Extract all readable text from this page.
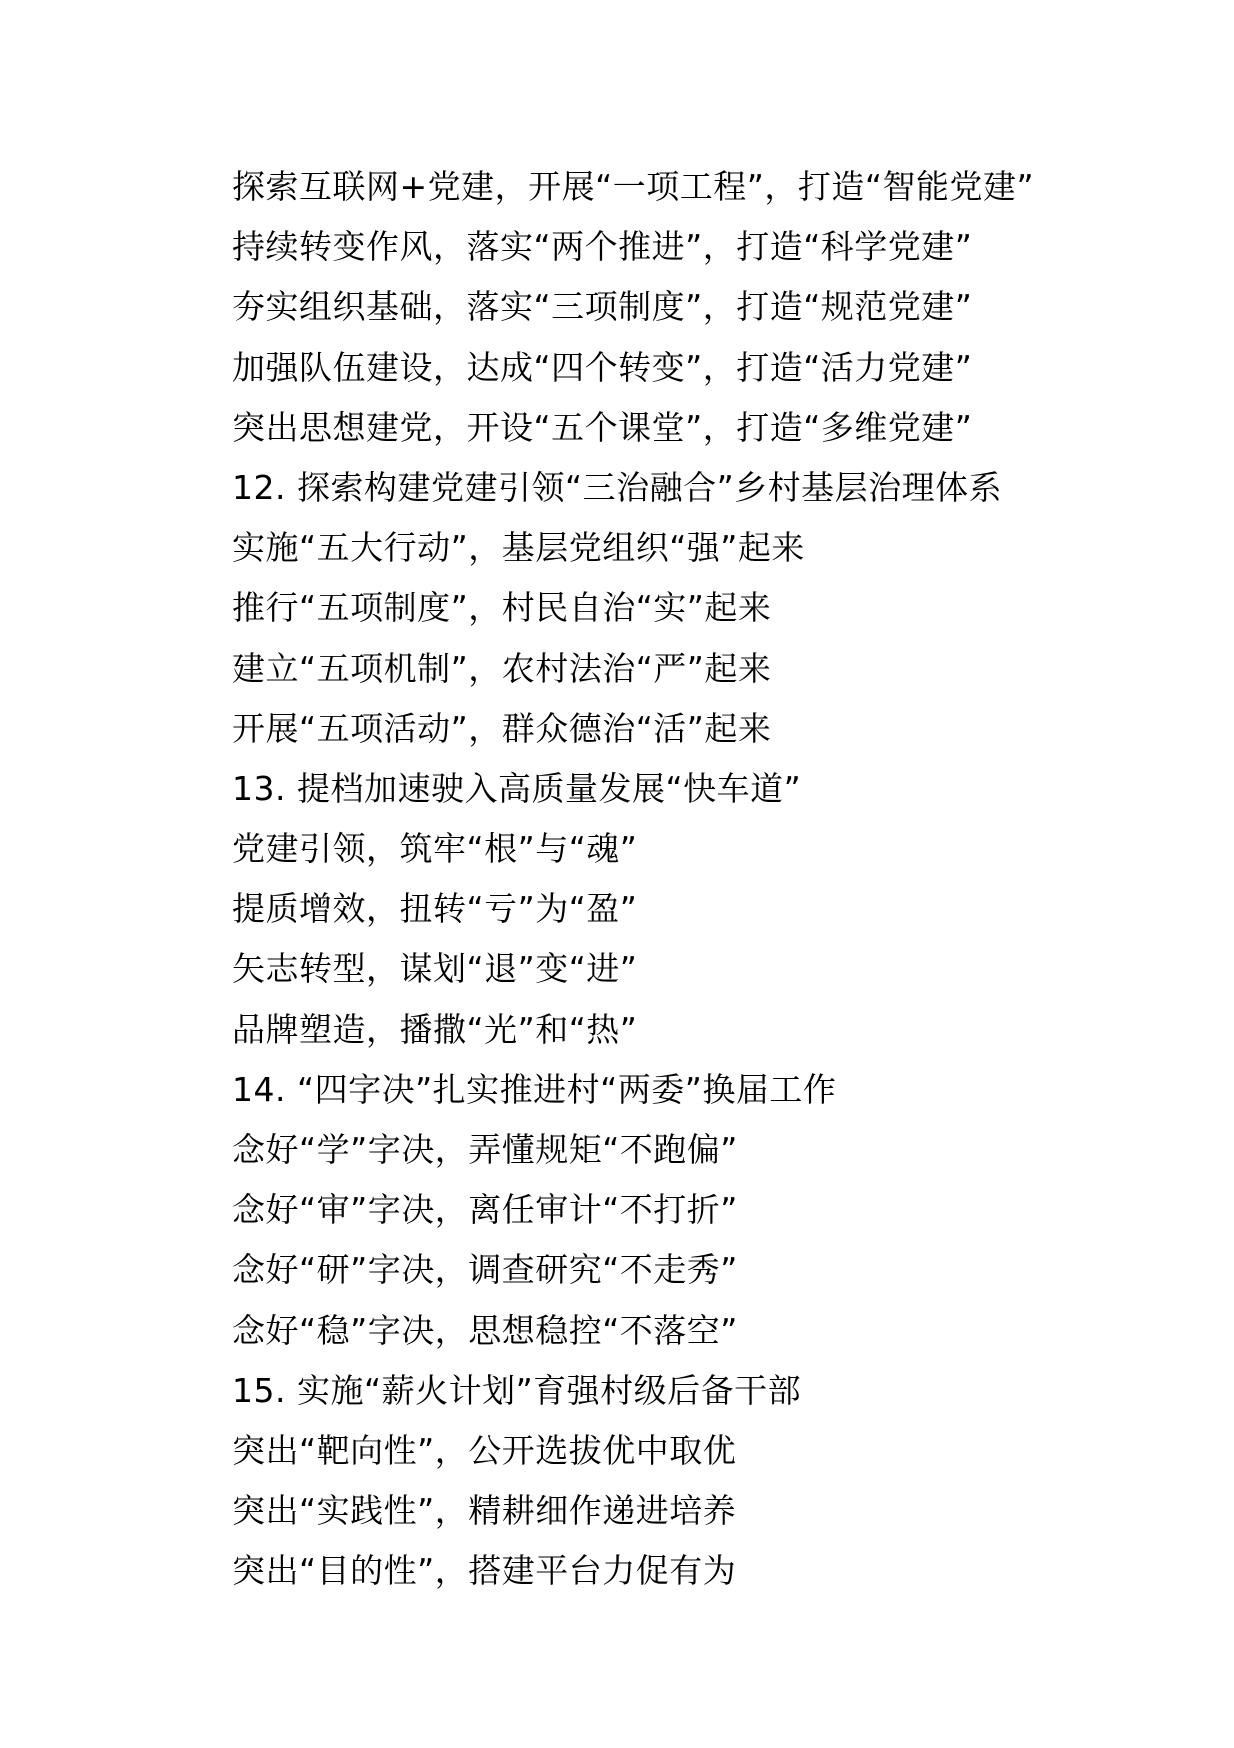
探索互联网+党建，开展“一项工程”，打造“智能党建”
持续转变作风，落实“两个推进”，打造“科学党建”
夯实组织基础，落实“三项制度”，打造“规范党建”
加强队伍建设，达成“四个转变”，打造“活力党建”
突出思想建党，开设“五个课堂”，打造“多维党建”
12. 探索构建党建引领“三治融合”乡村基层治理体系
实施“五大行动”，基层党组织“强”起来
推行“五项制度”，村民自治“实”起来
建立“五项机制”，农村法治“严”起来
开展“五项活动”，群众德治“活”起来
13. 提档加速驶入高质量发展“快车道”
党建引领，筑牢“根”与“魂”
提质增效，扭转“亏”为“盈”
矢志转型，谋划“退”变“进”
品牌塑造，播撒“光”和“热”
14. “四字决”扎实推进村“两委”换届工作
念好“学”字决，弄懂规矩“不跑偏”
念好“审”字决，离任审计“不打折”
念好“研”字决，调查研究“不走秀”
念好“稳”字决，思想稳控“不落空”
15. 实施“薪火计划”育强村级后备干部
突出“靶向性”，公开选拔优中取优
突出“实践性”，精耕细作递进培养
突出“目的性”，搭建平台力促有为
